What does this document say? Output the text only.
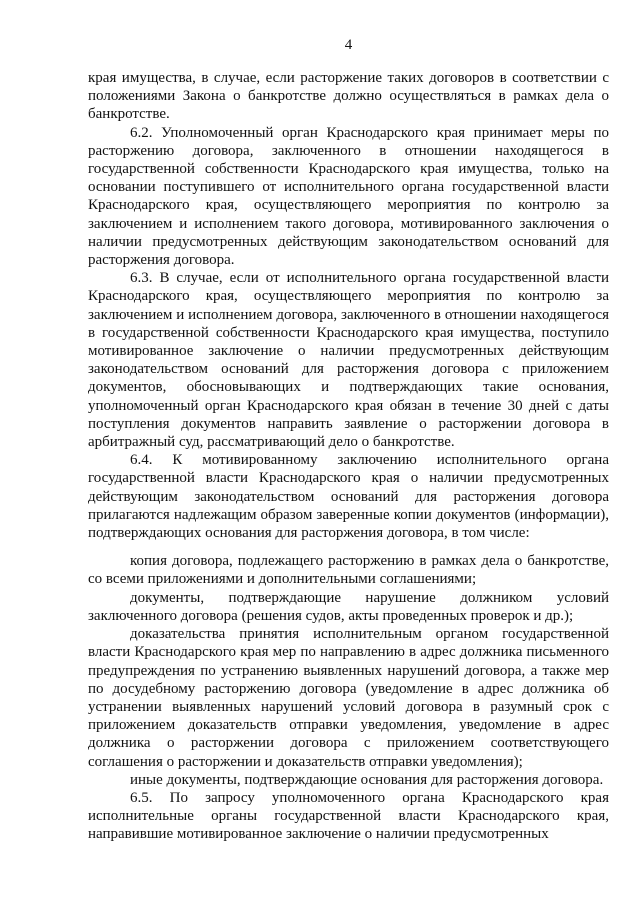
4

края имущества, в случае, если расторжение таких договоров в соответствии с положениями Закона о банкротстве должно осуществляться в рамках дела о банкротстве.

6.2. Уполномоченный орган Краснодарского края принимает меры по расторжению договора, заключенного в отношении находящегося в государственной собственности Краснодарского края имущества, только на основании поступившего от исполнительного органа государственной власти Краснодарского края, осуществляющего мероприятия по контролю за заключением и исполнением такого договора, мотивированного заключения о наличии предусмотренных действующим законодательством оснований для расторжения договора.

6.3. В случае, если от исполнительного органа государственной власти Краснодарского края, осуществляющего мероприятия по контролю за заключением и исполнением договора, заключенного в отношении находящегося в государственной собственности Краснодарского края имущества, поступило мотивированное заключение о наличии предусмотренных действующим законодательством оснований для расторжения договора с приложением документов, обосновывающих и подтверждающих такие основания, уполномоченный орган Краснодарского края обязан в течение 30 дней с даты поступления документов направить заявление о расторжении договора в арбитражный суд, рассматривающий дело о банкротстве.

6.4. К мотивированному заключению исполнительного органа государственной власти Краснодарского края о наличии предусмотренных действующим законодательством оснований для расторжения договора прилагаются надлежащим образом заверенные копии документов (информации), подтверждающих основания для расторжения договора, в том числе:

копия договора, подлежащего расторжению в рамках дела о банкротстве, со всеми приложениями и дополнительными соглашениями;

документы, подтверждающие нарушение должником условий заключенного договора (решения судов, акты проведенных проверок и др.);

доказательства принятия исполнительным органом государственной власти Краснодарского края мер по направлению в адрес должника письменного предупреждения по устранению выявленных нарушений договора, а также мер по досудебному расторжению договора (уведомление в адрес должника об устранении выявленных нарушений условий договора в разумный срок с приложением доказательств отправки уведомления, уведомление в адрес должника о расторжении договора с приложением соответствующего соглашения о расторжении и доказательств отправки уведомления);

иные документы, подтверждающие основания для расторжения договора.

6.5. По запросу уполномоченного органа Краснодарского края исполнительные органы государственной власти Краснодарского края, направившие мотивированное заключение о наличии предусмотренных
